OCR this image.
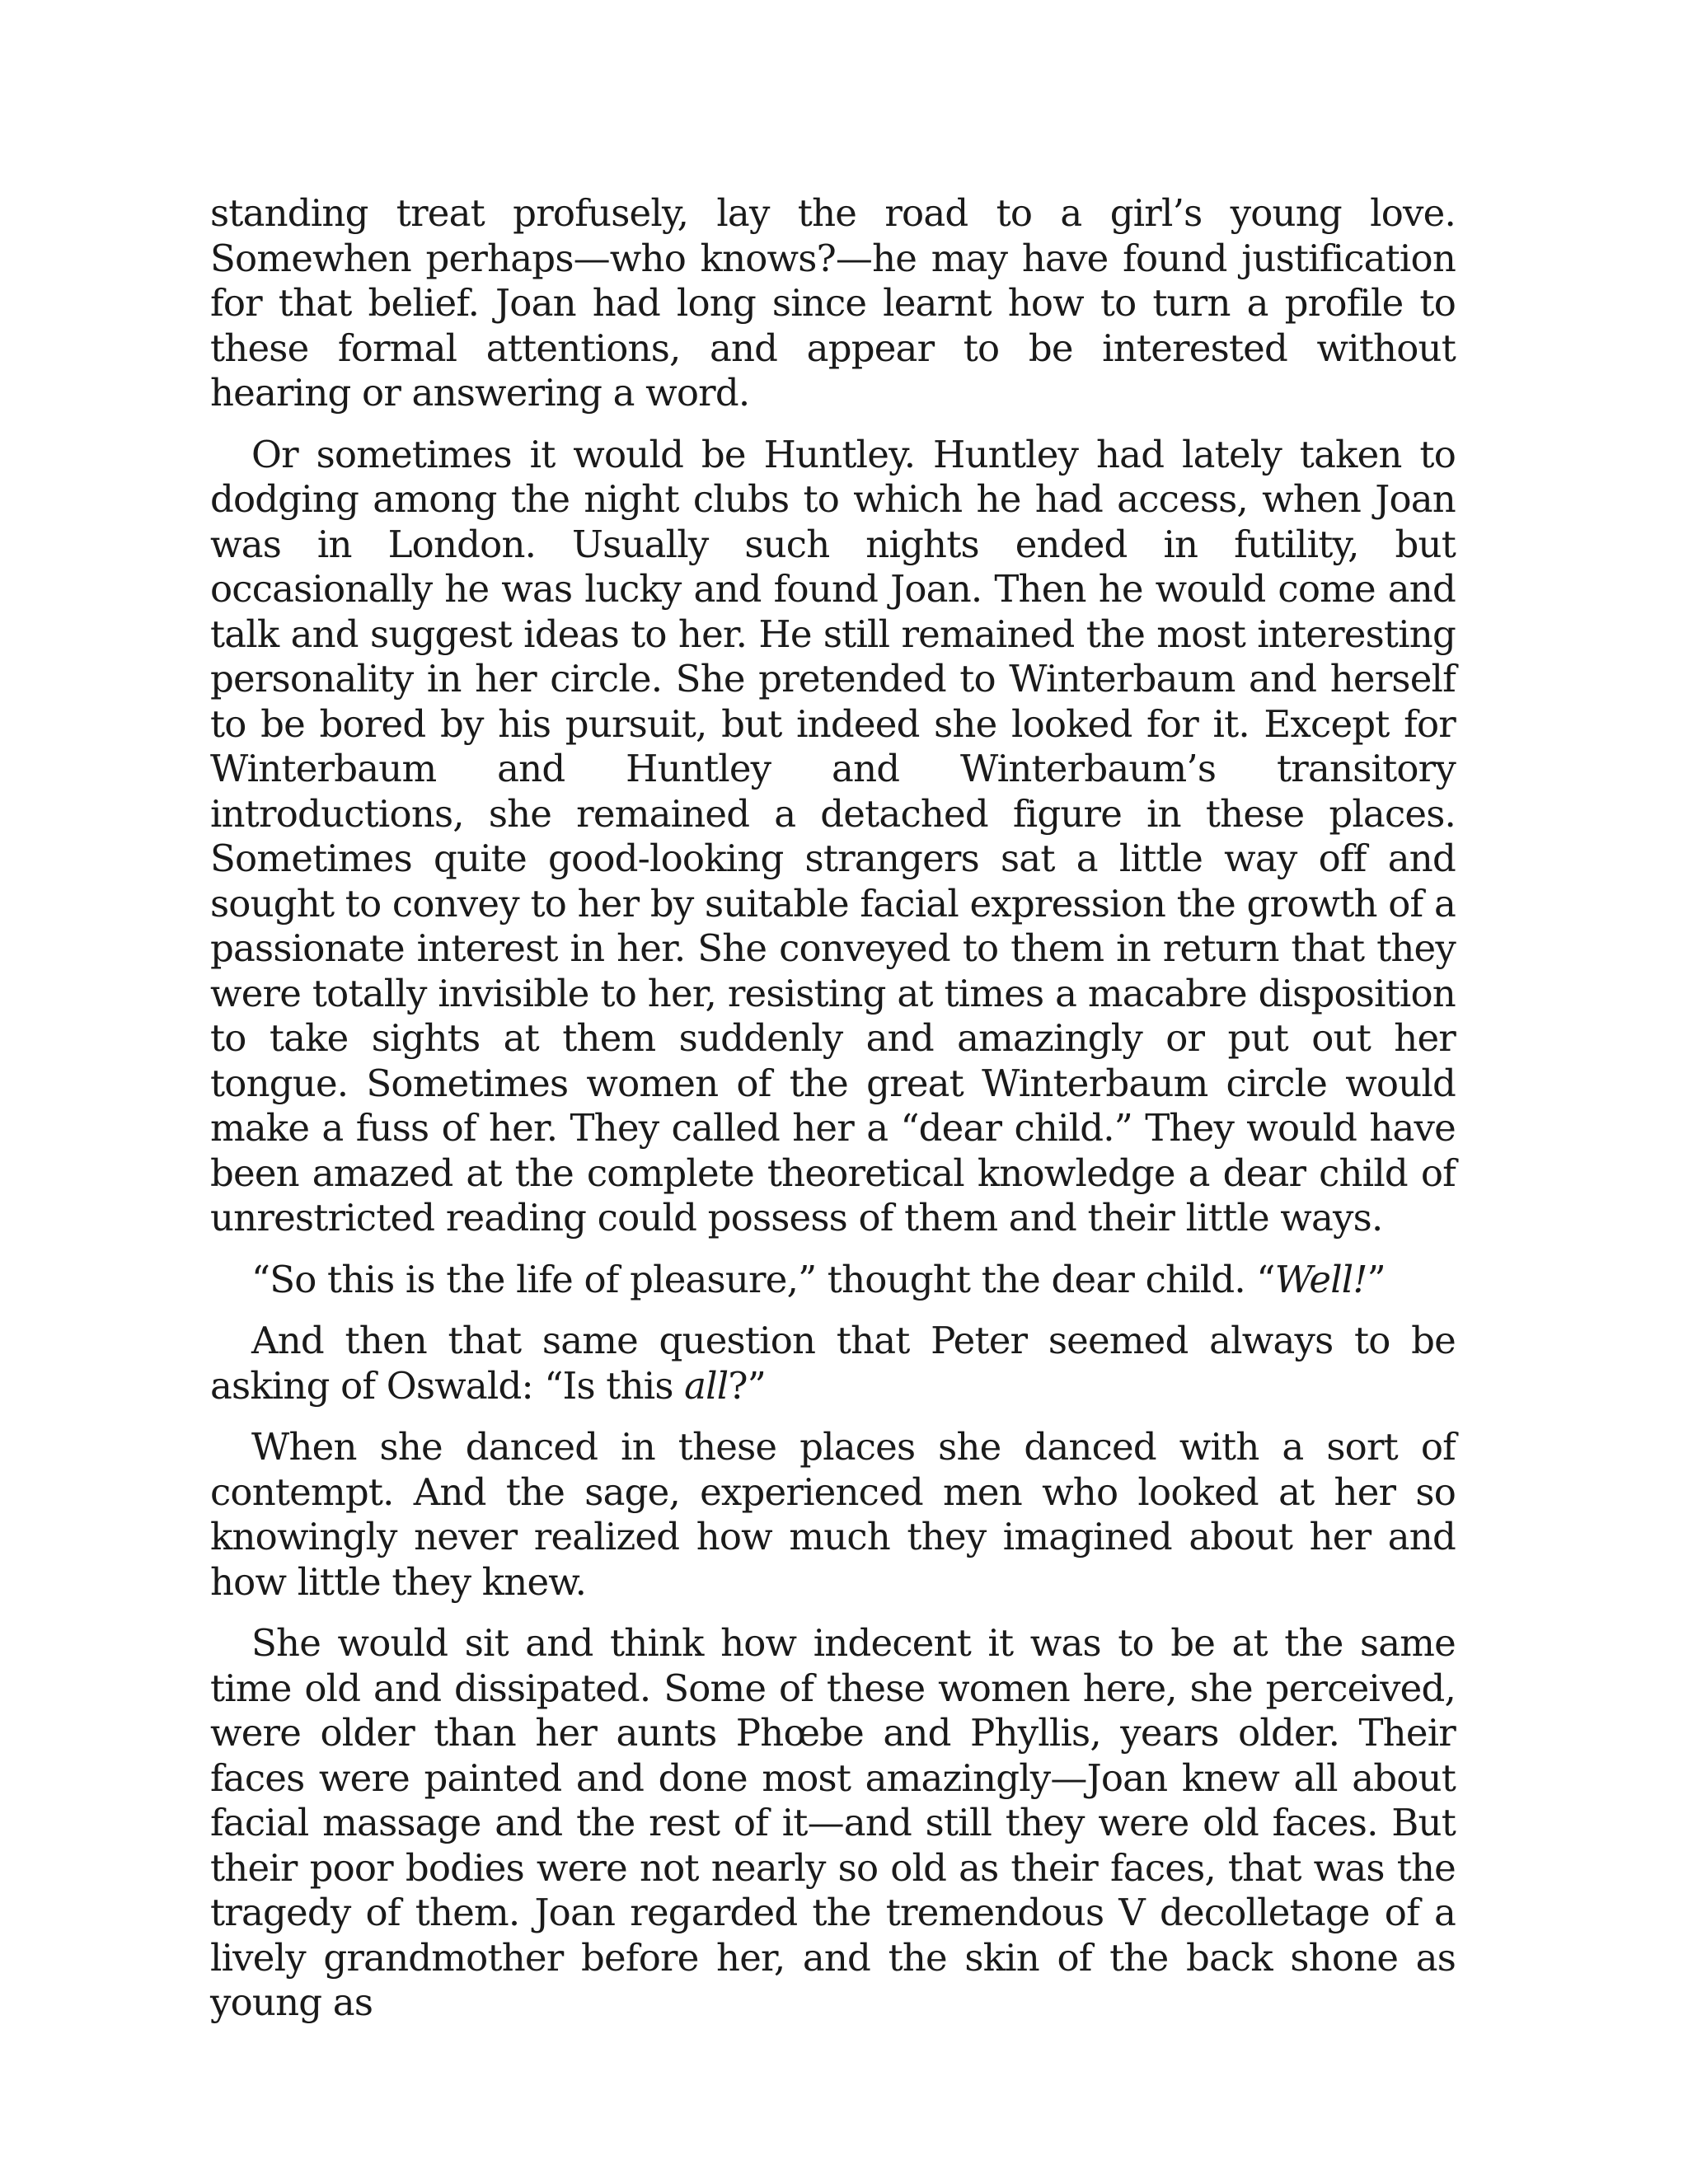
standing treat profusely, lay the road to a girl’s young love. Somewhen perhaps—who knows?—he may have found justification for that belief. Joan had long since learnt how to turn a profile to these formal attentions, and appear to be interested without hearing or answering a word.

Or sometimes it would be Huntley. Huntley had lately taken to dodging among the night clubs to which he had access, when Joan was in London. Usually such nights ended in futility, but occasionally he was lucky and found Joan. Then he would come and talk and suggest ideas to her. He still remained the most interesting personality in her circle. She pretended to Winterbaum and herself to be bored by his pursuit, but indeed she looked for it. Except for Winterbaum and Huntley and Winterbaum’s transitory introductions, she remained a detached figure in these places. Sometimes quite good-looking strangers sat a little way off and sought to convey to her by suitable facial expression the growth of a passionate interest in her. She conveyed to them in return that they were totally invisible to her, resisting at times a macabre disposition to take sights at them suddenly and amazingly or put out her tongue. Sometimes women of the great Winterbaum circle would make a fuss of her. They called her a “dear child.” They would have been amazed at the complete theoretical knowledge a dear child of unrestricted reading could possess of them and their little ways.

“So this is the life of pleasure,” thought the dear child. “Well!”

And then that same question that Peter seemed always to be asking of Oswald: “Is this all?”

When she danced in these places she danced with a sort of contempt. And the sage, experienced men who looked at her so knowingly never realized how much they imagined about her and how little they knew.

She would sit and think how indecent it was to be at the same time old and dissipated. Some of these women here, she perceived, were older than her aunts Phœbe and Phyllis, years older. Their faces were painted and done most amazingly—Joan knew all about facial massage and the rest of it—and still they were old faces. But their poor bodies were not nearly so old as their faces, that was the tragedy of them. Joan regarded the tremendous V decolletage of a lively grandmother before her, and the skin of the back shone as young as
